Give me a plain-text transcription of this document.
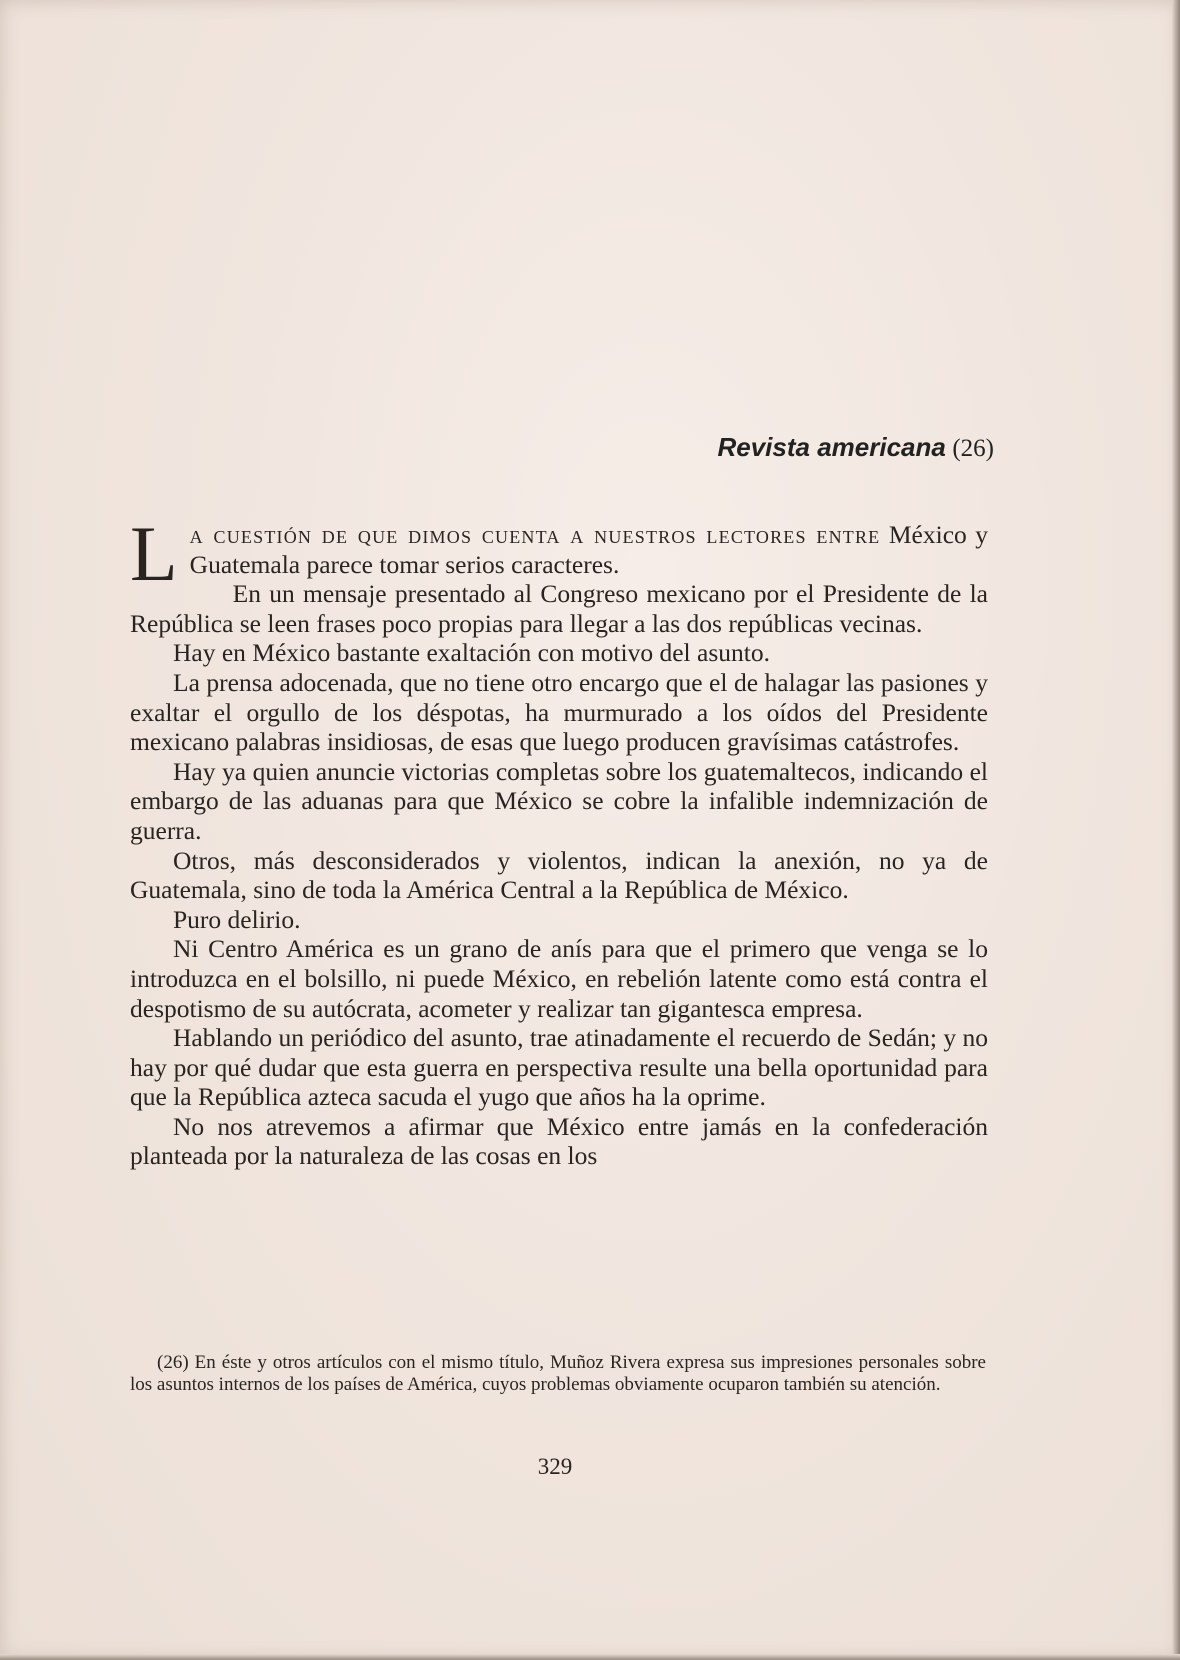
Revista americana (26)

L a cuestión de que dimos cuenta a nuestros lectores entre México y Guatemala parece tomar serios caracteres.

En un mensaje presentado al Congreso mexicano por el Presidente de la República se leen frases poco propias para llegar a las dos repúblicas vecinas.

Hay en México bastante exaltación con motivo del asunto.

La prensa adocenada, que no tiene otro encargo que el de halagar las pasiones y exaltar el orgullo de los déspotas, ha murmurado a los oídos del Presidente mexicano palabras insidiosas, de esas que luego producen gravísimas catástrofes.

Hay ya quien anuncie victorias completas sobre los guatemaltecos, indicando el embargo de las aduanas para que México se cobre la infalible indemnización de guerra.

Otros, más desconsiderados y violentos, indican la anexión, no ya de Guatemala, sino de toda la América Central a la República de México.

Puro delirio.

Ni Centro América es un grano de anís para que el primero que venga se lo introduzca en el bolsillo, ni puede México, en rebelión latente como está contra el despotismo de su autócrata, acometer y realizar tan gigantesca empresa.

Hablando un periódico del asunto, trae atinadamente el recuerdo de Sedán; y no hay por qué dudar que esta guerra en perspectiva resulte una bella oportunidad para que la República azteca sacuda el yugo que años ha la oprime.

No nos atrevemos a afirmar que México entre jamás en la confederación planteada por la naturaleza de las cosas en los

(26) En éste y otros artículos con el mismo título, Muñoz Rivera expresa sus impresiones personales sobre los asuntos internos de los países de América, cuyos problemas obviamente ocuparon también su atención.

329
